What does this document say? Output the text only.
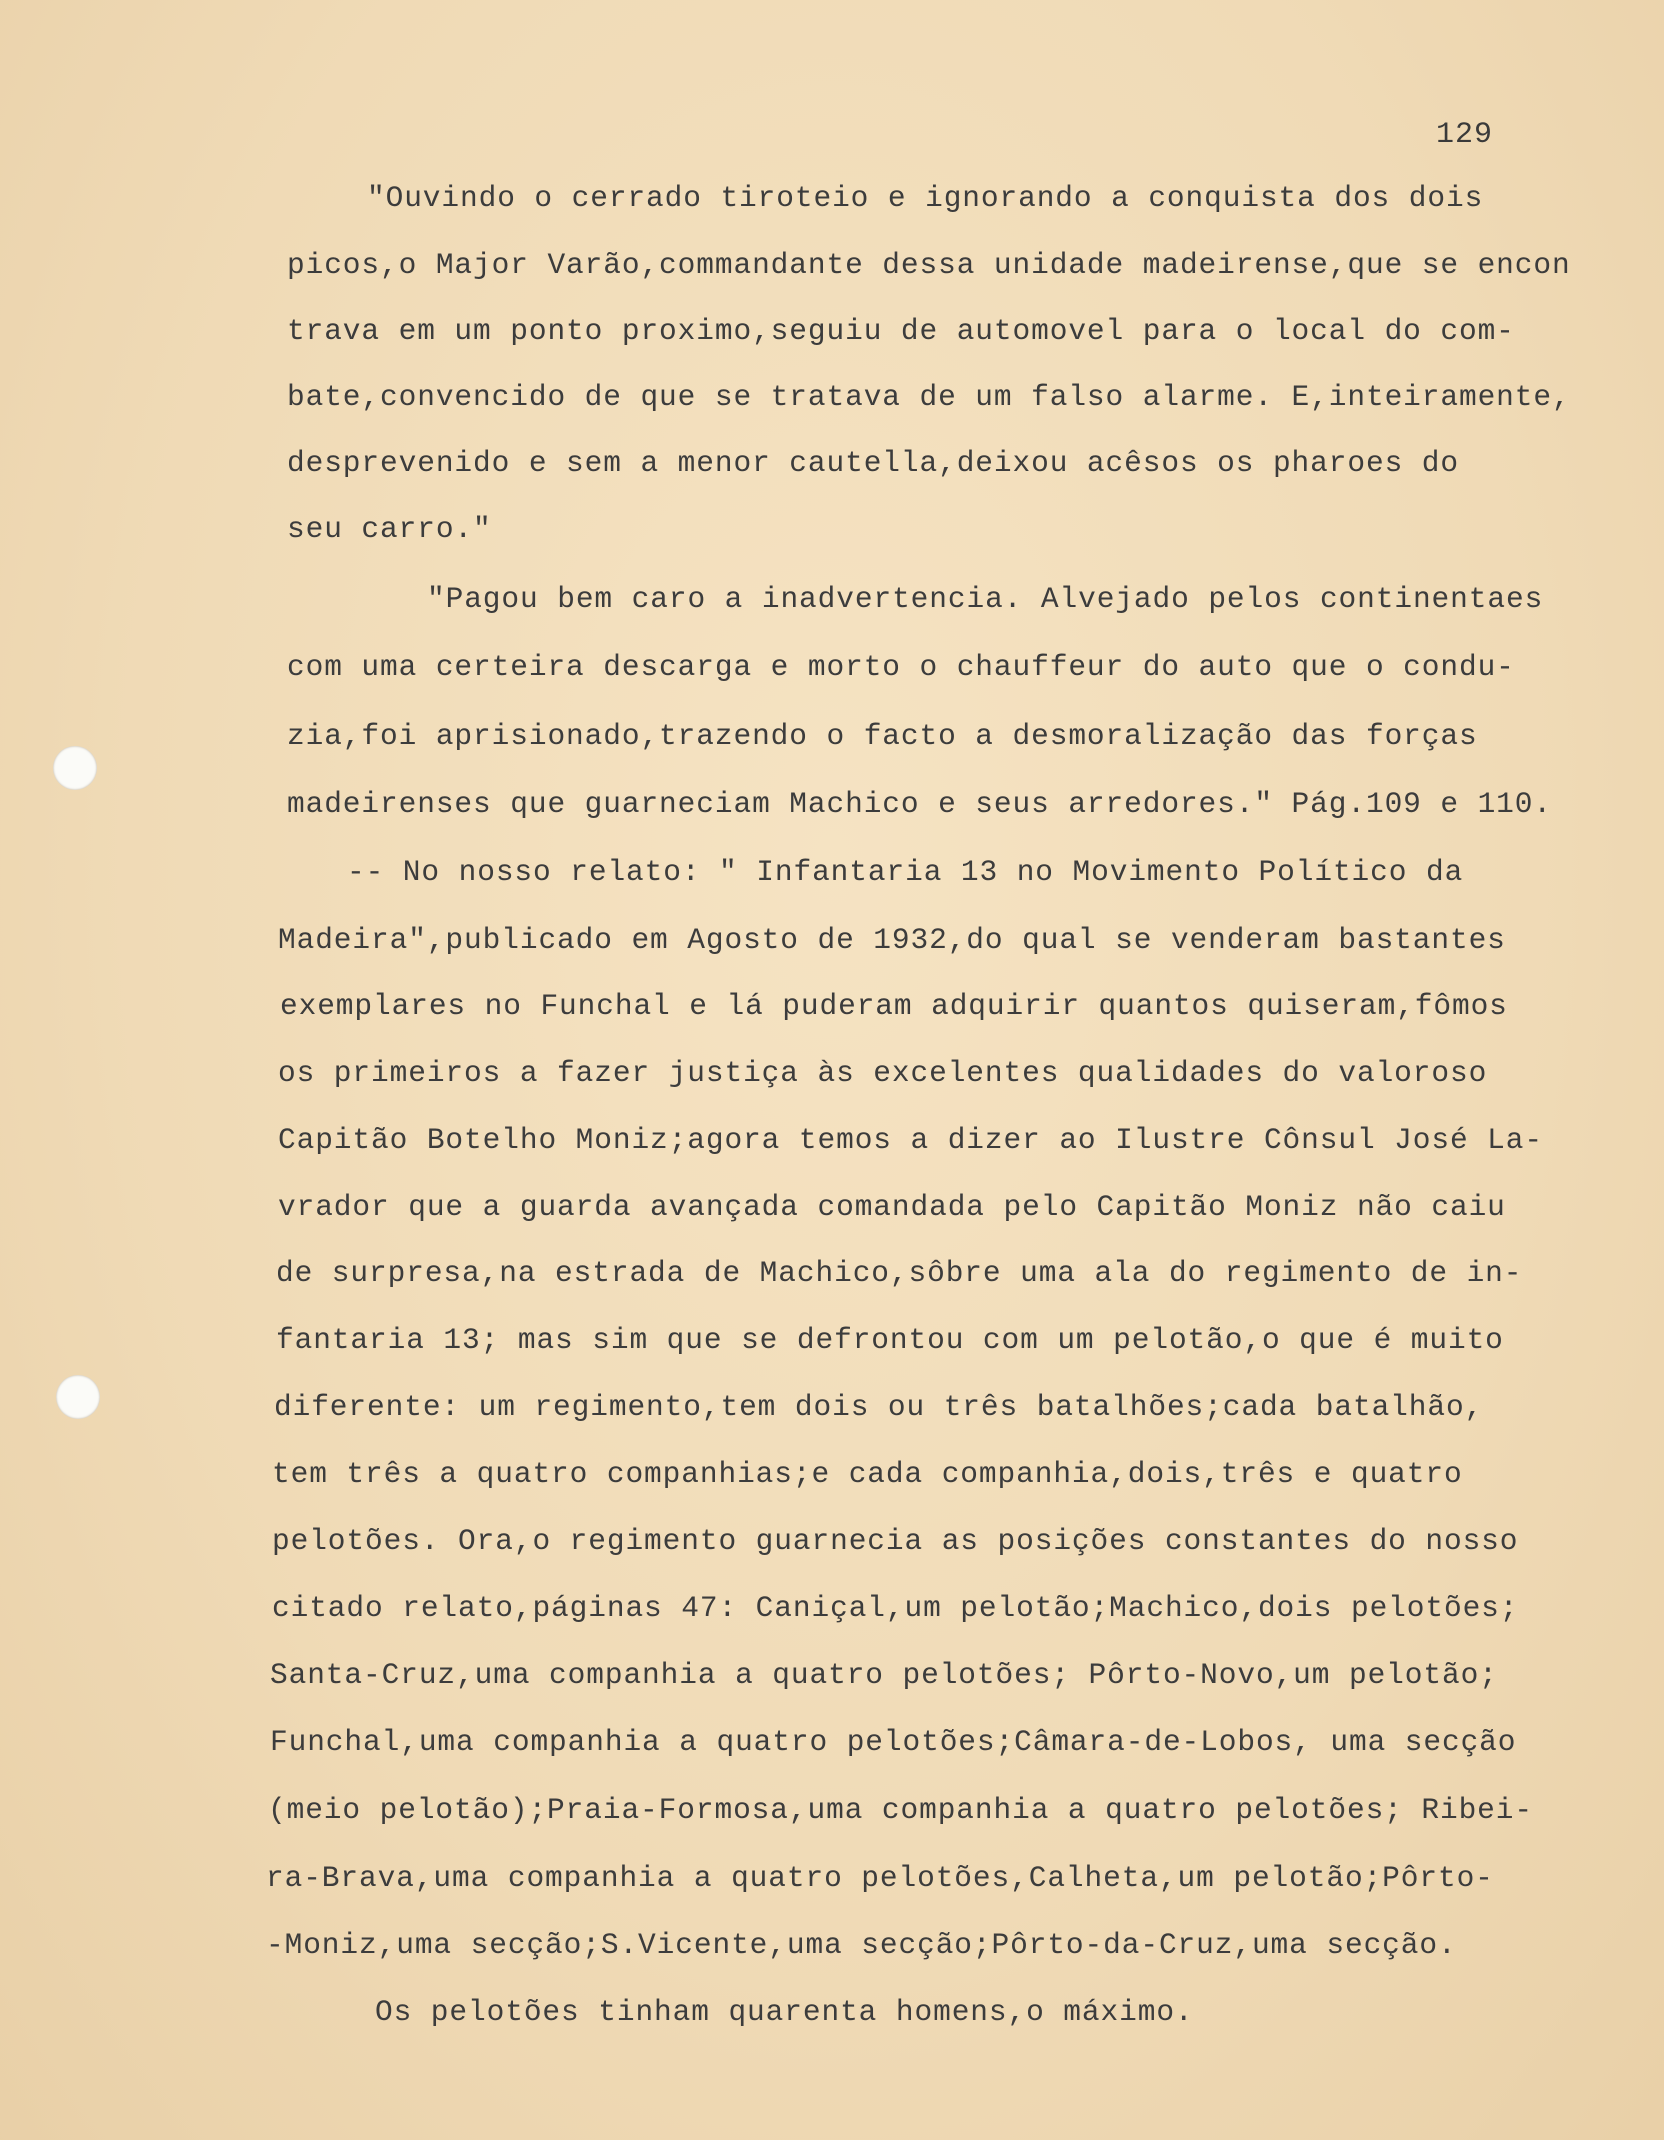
129
"Ouvindo o cerrado tiroteio e ignorando a conquista dos dois
picos,o Major Varão,commandante dessa unidade madeirense,que se encon
trava em um ponto proximo,seguiu de automovel para o local do com-
bate,convencido de que se tratava de um falso alarme. E,inteiramente,
desprevenido e sem a menor cautella,deixou acêsos os pharoes do
seu carro."
"Pagou bem caro a inadvertencia. Alvejado pelos continentaes
com uma certeira descarga e morto o chauffeur do auto que o condu-
zia,foi aprisionado,trazendo o facto a desmoralização das forças
madeirenses que guarneciam Machico e seus arredores." Pág.109 e 110.
-- No nosso relato: " Infantaria 13 no Movimento Político da
Madeira",publicado em Agosto de 1932,do qual se venderam bastantes
exemplares no Funchal e lá puderam adquirir quantos quiseram,fômos
os primeiros a fazer justiça às excelentes qualidades do valoroso
Capitão Botelho Moniz;agora temos a dizer ao Ilustre Cônsul José La-
vrador que a guarda avançada comandada pelo Capitão Moniz não caiu
de surpresa,na estrada de Machico,sôbre uma ala do regimento de in-
fantaria 13; mas sim que se defrontou com um pelotão,o que é muito
diferente: um regimento,tem dois ou três batalhões;cada batalhão,
tem três a quatro companhias;e cada companhia,dois,três e quatro
pelotões. Ora,o regimento guarnecia as posições constantes do nosso
citado relato,páginas 47: Caniçal,um pelotão;Machico,dois pelotões;
Santa-Cruz,uma companhia a quatro pelotões; Pôrto-Novo,um pelotão;
Funchal,uma companhia a quatro pelotões;Câmara-de-Lobos, uma secção
(meio pelotão);Praia-Formosa,uma companhia a quatro pelotões; Ribei-
ra-Brava,uma companhia a quatro pelotões,Calheta,um pelotão;Pôrto-
-Moniz,uma secção;S.Vicente,uma secção;Pôrto-da-Cruz,uma secção.
Os pelotões tinham quarenta homens,o máximo.
